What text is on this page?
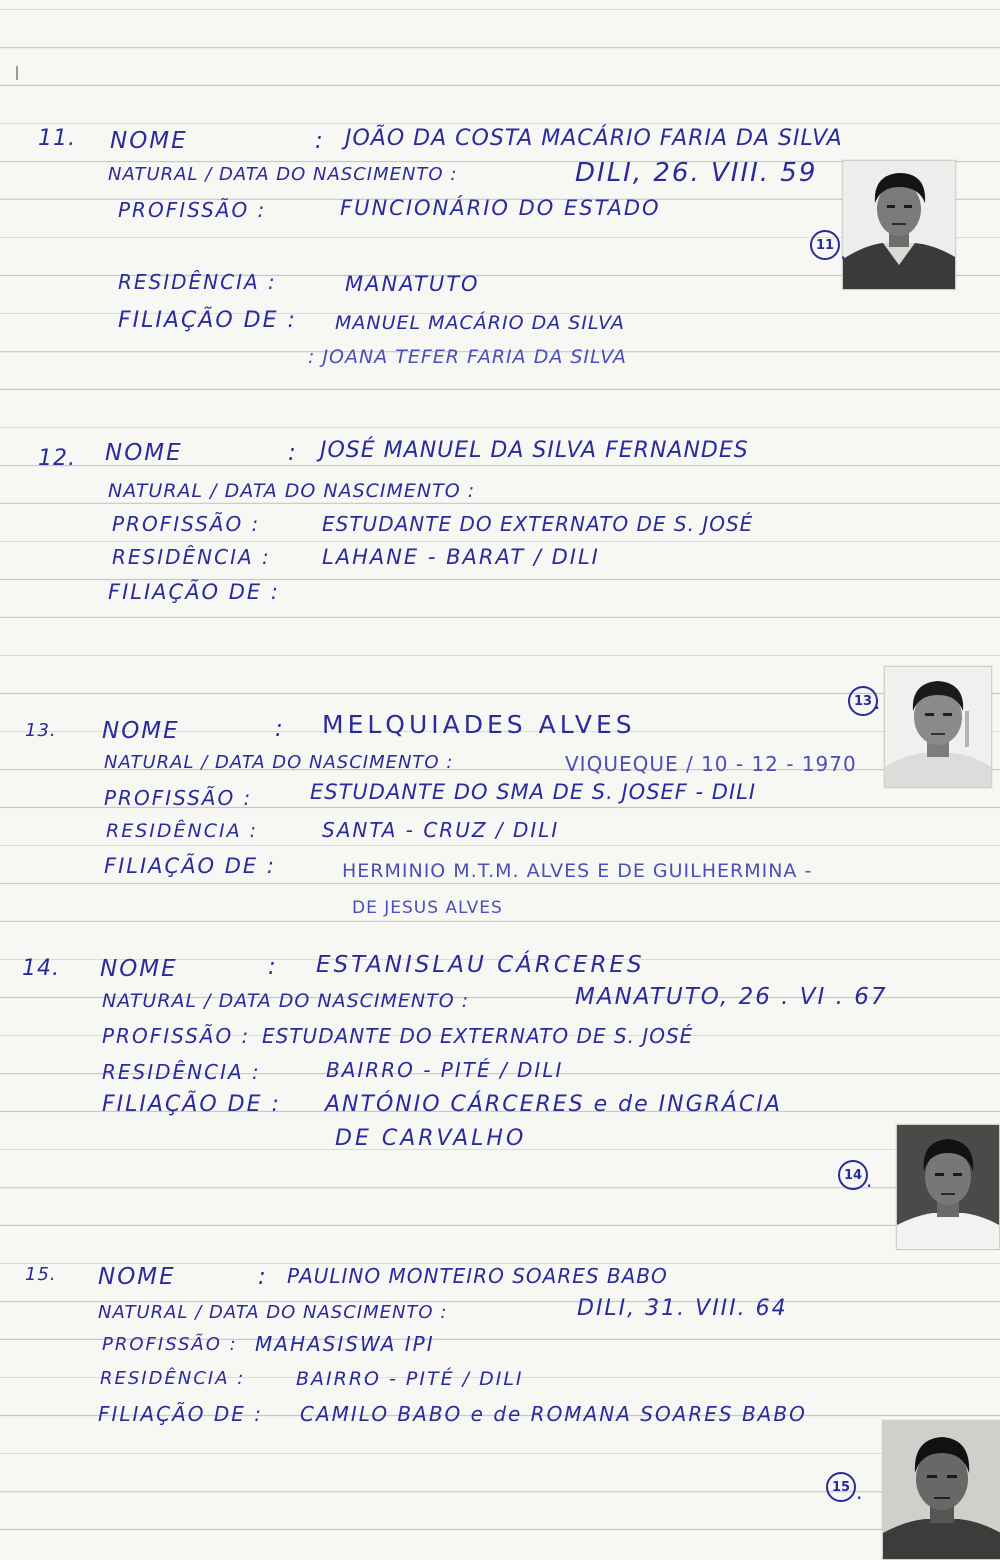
11. NOME	: JOÃO DA COSTA MACÁRIO FARIA DA SILVA
NATURAL / DATA DO NASCIMENTO :	DILI, 26. VIII. 59
PROFISSÃO :	FUNCIONÁRIO DO ESTADO
RESIDÊNCIA :	MANATUTO
FILIAÇÃO DE : MANUEL MACÁRIO DA SILVA
: JOANA TEFER FARIA DA SILVA
11 .
12. NOME	: JOSÉ MANUEL DA SILVA FERNANDES
NATURAL / DATA DO NASCIMENTO :
PROFISSÃO :	ESTUDANTE DO EXTERNATO DE S. JOSÉ
RESIDÊNCIA : LAHANE - BARAT / DILI
FILIAÇÃO DE :
13. NOME	: MELQUIADES ALVES
NATURAL / DATA DO NASCIMENTO :	VIQUEQUE / 10 - 12 - 1970
PROFISSÃO :	ESTUDANTE DO SMA DE S. JOSEF - DILI
RESIDÊNCIA :	SANTA - CRUZ / DILI
FILIAÇÃO DE :	HERMINIO M.T.M. ALVES E DE GUILHERMINA -
DE JESUS ALVES
13 .
14. NOME	: ESTANISLAU CÁRCERES
NATURAL / DATA DO NASCIMENTO :	MANATUTO, 26 . VI . 67
PROFISSÃO : ESTUDANTE DO EXTERNATO DE S. JOSÉ
RESIDÊNCIA :	BAIRRO - PITÉ / DILI
FILIAÇÃO DE : ANTÓNIO CÁRCERES e de INGRÁCIA
DE CARVALHO
14 .
15. NOME	: PAULINO MONTEIRO SOARES BABO
NATURAL / DATA DO NASCIMENTO :	DILI, 31. VIII. 64
PROFISSÃO : MAHASISWA IPI
RESIDÊNCIA :	BAIRRO - PITÉ / DILI
FILIAÇÃO DE : CAMILO BABO e de ROMANA SOARES BABO
15 .
